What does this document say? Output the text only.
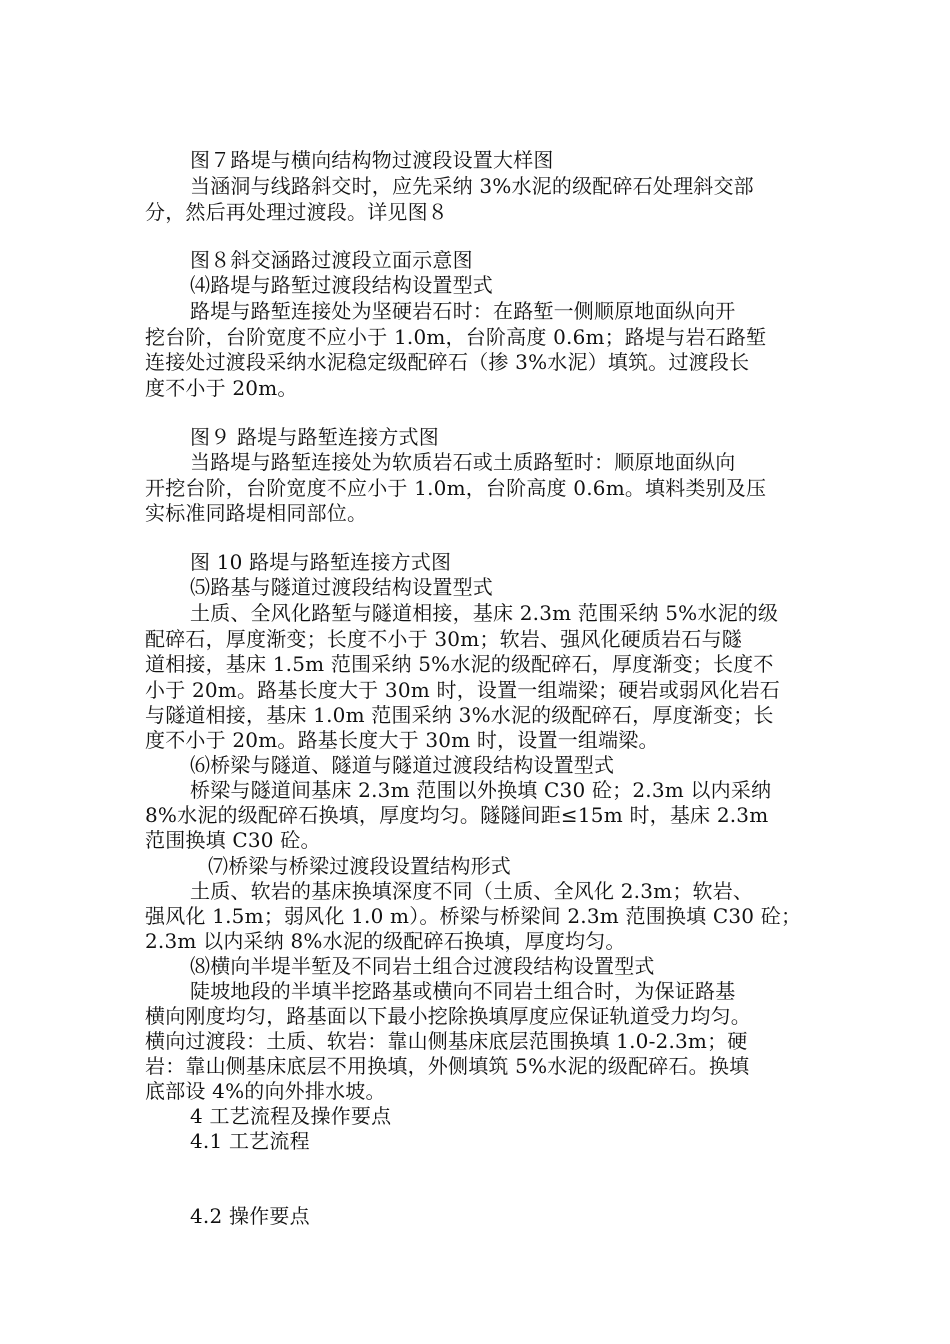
图７路堤与横向结构物过渡段设置大样图
当涵洞与线路斜交时，应先采纳 3%水泥的级配碎石处理斜交部
分，然后再处理过渡段。详见图８
图８斜交涵路过渡段立面示意图
⑷路堤与路堑过渡段结构设置型式
路堤与路堑连接处为坚硬岩石时：在路堑一侧顺原地面纵向开
挖台阶，台阶宽度不应小于 1.0m，台阶高度 0.6m；路堤与岩石路堑
连接处过渡段采纳水泥稳定级配碎石（掺 3%水泥）填筑。过渡段长
度不小于 20m。
图９ 路堤与路堑连接方式图
当路堤与路堑连接处为软质岩石或土质路堑时：顺原地面纵向
开挖台阶，台阶宽度不应小于 1.0m，台阶高度 0.6m。填料类别及压
实标准同路堤相同部位。
图 10 路堤与路堑连接方式图
⑸路基与隧道过渡段结构设置型式
土质、全风化路堑与隧道相接，基床 2.3m 范围采纳 5%水泥的级
配碎石，厚度渐变；长度不小于 30m；软岩、强风化硬质岩石与隧
道相接，基床 1.5m 范围采纳 5%水泥的级配碎石，厚度渐变；长度不
小于 20m。路基长度大于 30m 时，设置一组端梁；硬岩或弱风化岩石
与隧道相接，基床 1.0m 范围采纳 3%水泥的级配碎石，厚度渐变；长
度不小于 20m。路基长度大于 30m 时，设置一组端梁。
⑹桥梁与隧道、隧道与隧道过渡段结构设置型式
桥梁与隧道间基床 2.3m 范围以外换填 C30 砼；2.3m 以内采纳
8%水泥的级配碎石换填，厚度均匀。隧隧间距≤15m 时，基床 2.3m
范围换填 C30 砼。
⑺桥梁与桥梁过渡段设置结构形式
土质、软岩的基床换填深度不同（土质、全风化 2.3m；软岩、
强风化 1.5m；弱风化 1.0 m）。桥梁与桥梁间 2.3m 范围换填 C30 砼；
2.3m 以内采纳 8%水泥的级配碎石换填，厚度均匀。
⑻横向半堤半堑及不同岩土组合过渡段结构设置型式
陡坡地段的半填半挖路基或横向不同岩土组合时，为保证路基
横向刚度均匀，路基面以下最小挖除换填厚度应保证轨道受力均匀。
横向过渡段：土质、软岩：靠山侧基床底层范围换填 1.0-2.3m；硬
岩：靠山侧基床底层不用换填，外侧填筑 5%水泥的级配碎石。换填
底部设 4%的向外排水坡。
4 工艺流程及操作要点
4.1 工艺流程
4.2 操作要点
